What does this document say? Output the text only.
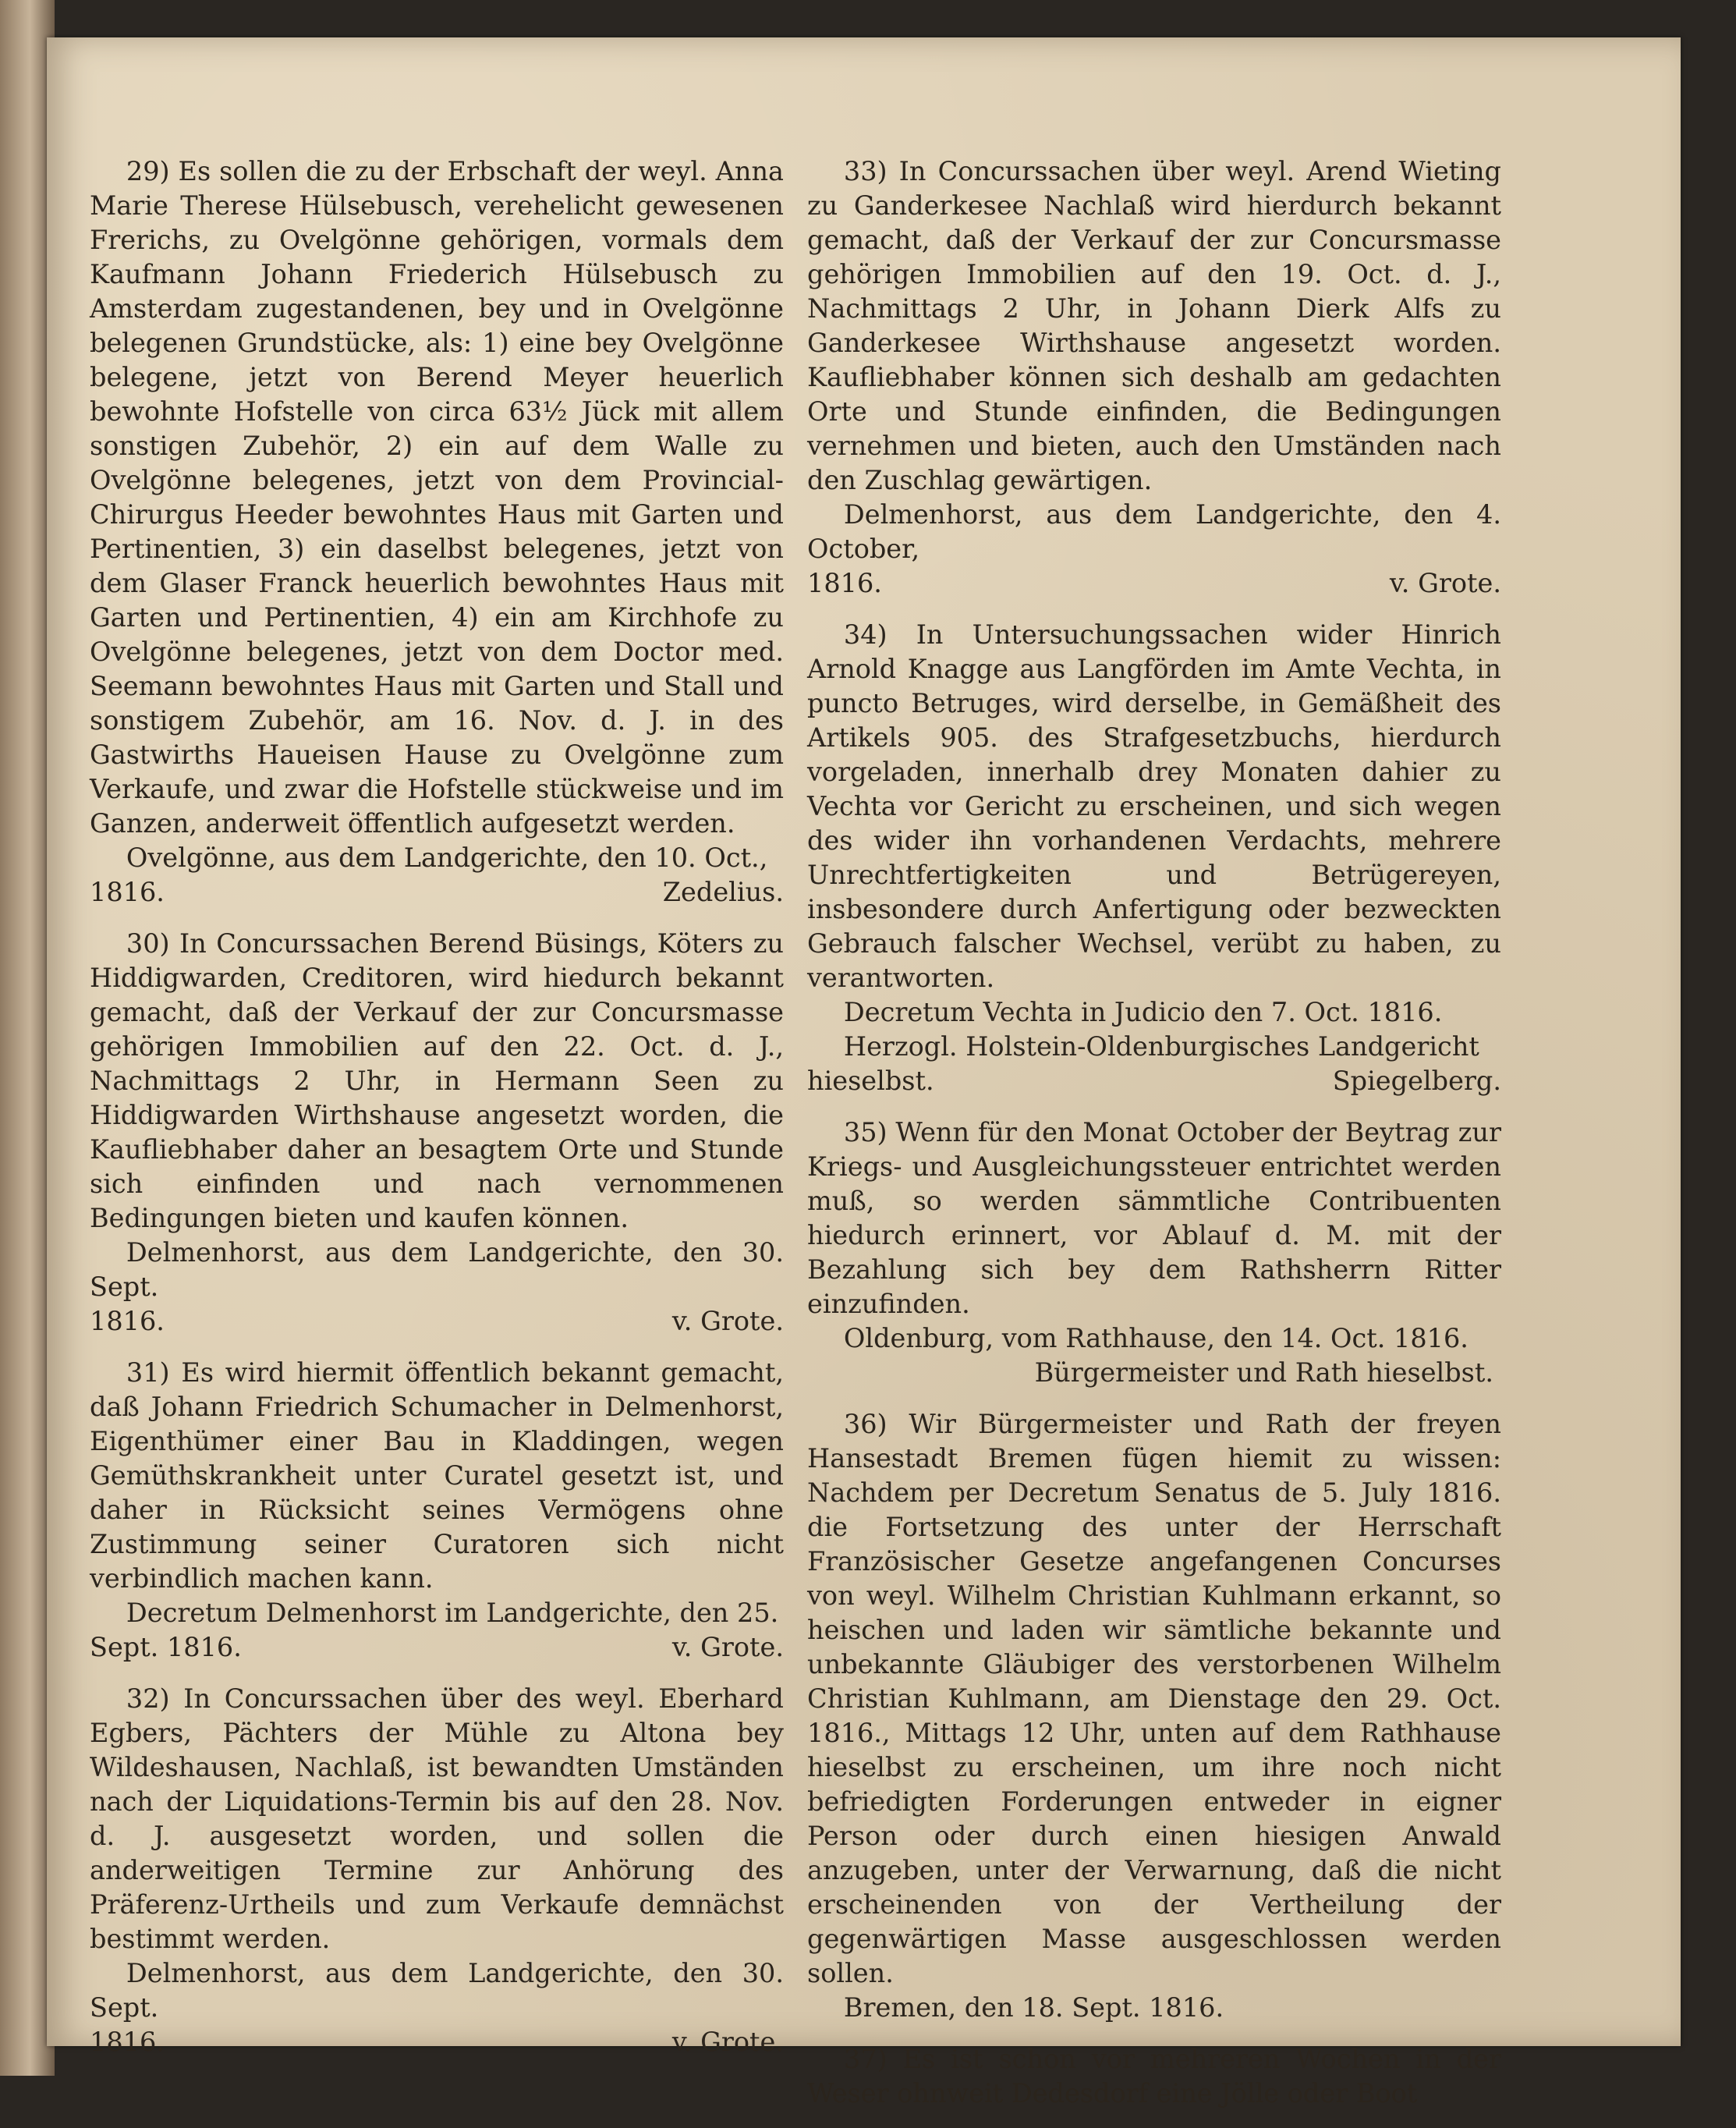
29) Es sollen die zu der Erbschaft der weyl. Anna Marie Therese Hülsebusch, verehelicht gewesenen Frerichs, zu Ovelgönne gehörigen, vormals dem Kaufmann Johann Friederich Hülsebusch zu Amsterdam zugestandenen, bey und in Ovelgönne belegenen Grundstücke, als: 1) eine bey Ovelgönne belegene, jetzt von Berend Meyer heuerlich bewohnte Hofstelle von circa 63½ Jück mit allem sonstigen Zubehör, 2) ein auf dem Walle zu Ovelgönne belegenes, jetzt von dem Provincial-Chirurgus Heeder bewohntes Haus mit Garten und Pertinentien, 3) ein daselbst belegenes, jetzt von dem Glaser Franck heuerlich bewohntes Haus mit Garten und Pertinentien, 4) ein am Kirchhofe zu Ovelgönne belegenes, jetzt von dem Doctor med. Seemann bewohntes Haus mit Garten und Stall und sonstigem Zubehör, am 16. Nov. d. J. in des Gastwirths Haueisen Hause zu Ovelgönne zum Verkaufe, und zwar die Hofstelle stückweise und im Ganzen, anderweit öffentlich aufgesetzt werden.

Ovelgönne, aus dem Landgerichte, den 10. Oct.,

1816.	Zedelius.

30) In Concurssachen Berend Büsings, Köters zu Hiddigwarden, Creditoren, wird hiedurch bekannt gemacht, daß der Verkauf der zur Concursmasse gehörigen Immobilien auf den 22. Oct. d. J., Nachmittags 2 Uhr, in Hermann Seen zu Hiddigwarden Wirthshause angesetzt worden, die Kaufliebhaber daher an besagtem Orte und Stunde sich einfinden und nach vernommenen Bedingungen bieten und kaufen können.

Delmenhorst, aus dem Landgerichte, den 30. Sept.

1816.	v. Grote.

31) Es wird hiermit öffentlich bekannt gemacht, daß Johann Friedrich Schumacher in Delmenhorst, Eigenthümer einer Bau in Kladdingen, wegen Gemüthskrankheit unter Curatel gesetzt ist, und daher in Rücksicht seines Vermögens ohne Zustimmung seiner Curatoren sich nicht verbindlich machen kann.

Decretum Delmenhorst im Landgerichte, den 25.

Sept. 1816.	v. Grote.

32) In Concurssachen über des weyl. Eberhard Egbers, Pächters der Mühle zu Altona bey Wildeshausen, Nachlaß, ist bewandten Umständen nach der Liquidations-Termin bis auf den 28. Nov. d. J. ausgesetzt worden, und sollen die anderweitigen Termine zur Anhörung des Präferenz-Urtheils und zum Verkaufe demnächst bestimmt werden.

Delmenhorst, aus dem Landgerichte, den 30. Sept.

1816.	v. Grote.

33) In Concurssachen über weyl. Arend Wieting zu Ganderkesee Nachlaß wird hierdurch bekannt gemacht, daß der Verkauf der zur Concursmasse gehörigen Immobilien auf den 19. Oct. d. J., Nachmittags 2 Uhr, in Johann Dierk Alfs zu Ganderkesee Wirthshause angesetzt worden. Kaufliebhaber können sich deshalb am gedachten Orte und Stunde einfinden, die Bedingungen vernehmen und bieten, auch den Umständen nach den Zuschlag gewärtigen.

Delmenhorst, aus dem Landgerichte, den 4. October,

1816.	v. Grote.

34) In Untersuchungssachen wider Hinrich Arnold Knagge aus Langförden im Amte Vechta, in puncto Betruges, wird derselbe, in Gemäßheit des Artikels 905. des Strafgesetzbuchs, hierdurch vorgeladen, innerhalb drey Monaten dahier zu Vechta vor Gericht zu erscheinen, und sich wegen des wider ihn vorhandenen Verdachts, mehrere Unrechtfertigkeiten und Betrügereyen, insbesondere durch Anfertigung oder bezweckten Gebrauch falscher Wechsel, verübt zu haben, zu verantworten.

Decretum Vechta in Judicio den 7. Oct. 1816.

Herzogl. Holstein-Oldenburgisches Landgericht

hieselbst.	Spiegelberg.

35) Wenn für den Monat October der Beytrag zur Kriegs- und Ausgleichungssteuer entrichtet werden muß, so werden sämmtliche Contribuenten hiedurch erinnert, vor Ablauf d. M. mit der Bezahlung sich bey dem Rathsherrn Ritter einzufinden.

Oldenburg, vom Rathhause, den 14. Oct. 1816.

Bürgermeister und Rath hieselbst.

36) Wir Bürgermeister und Rath der freyen Hansestadt Bremen fügen hiemit zu wissen: Nachdem per Decretum Senatus de 5. July 1816. die Fortsetzung des unter der Herrschaft Französischer Gesetze angefangenen Concurses von weyl. Wilhelm Christian Kuhlmann erkannt, so heischen und laden wir sämtliche bekannte und unbekannte Gläubiger des verstorbenen Wilhelm Christian Kuhlmann, am Dienstage den 29. Oct. 1816., Mittags 12 Uhr, unten auf dem Rathhause hieselbst zu erscheinen, um ihre noch nicht befriedigten Forderungen entweder in eigner Person oder durch einen hiesigen Anwald anzugeben, unter der Verwarnung, daß die nicht erscheinenden von der Vertheilung der gegenwärtigen Masse ausgeschlossen werden sollen.

Bremen, den 18. Sept. 1816.

37) Es ist schon vor mehreren Wochen in der Weser ohnweit Dedesdorf eine Jölle oder Boot
